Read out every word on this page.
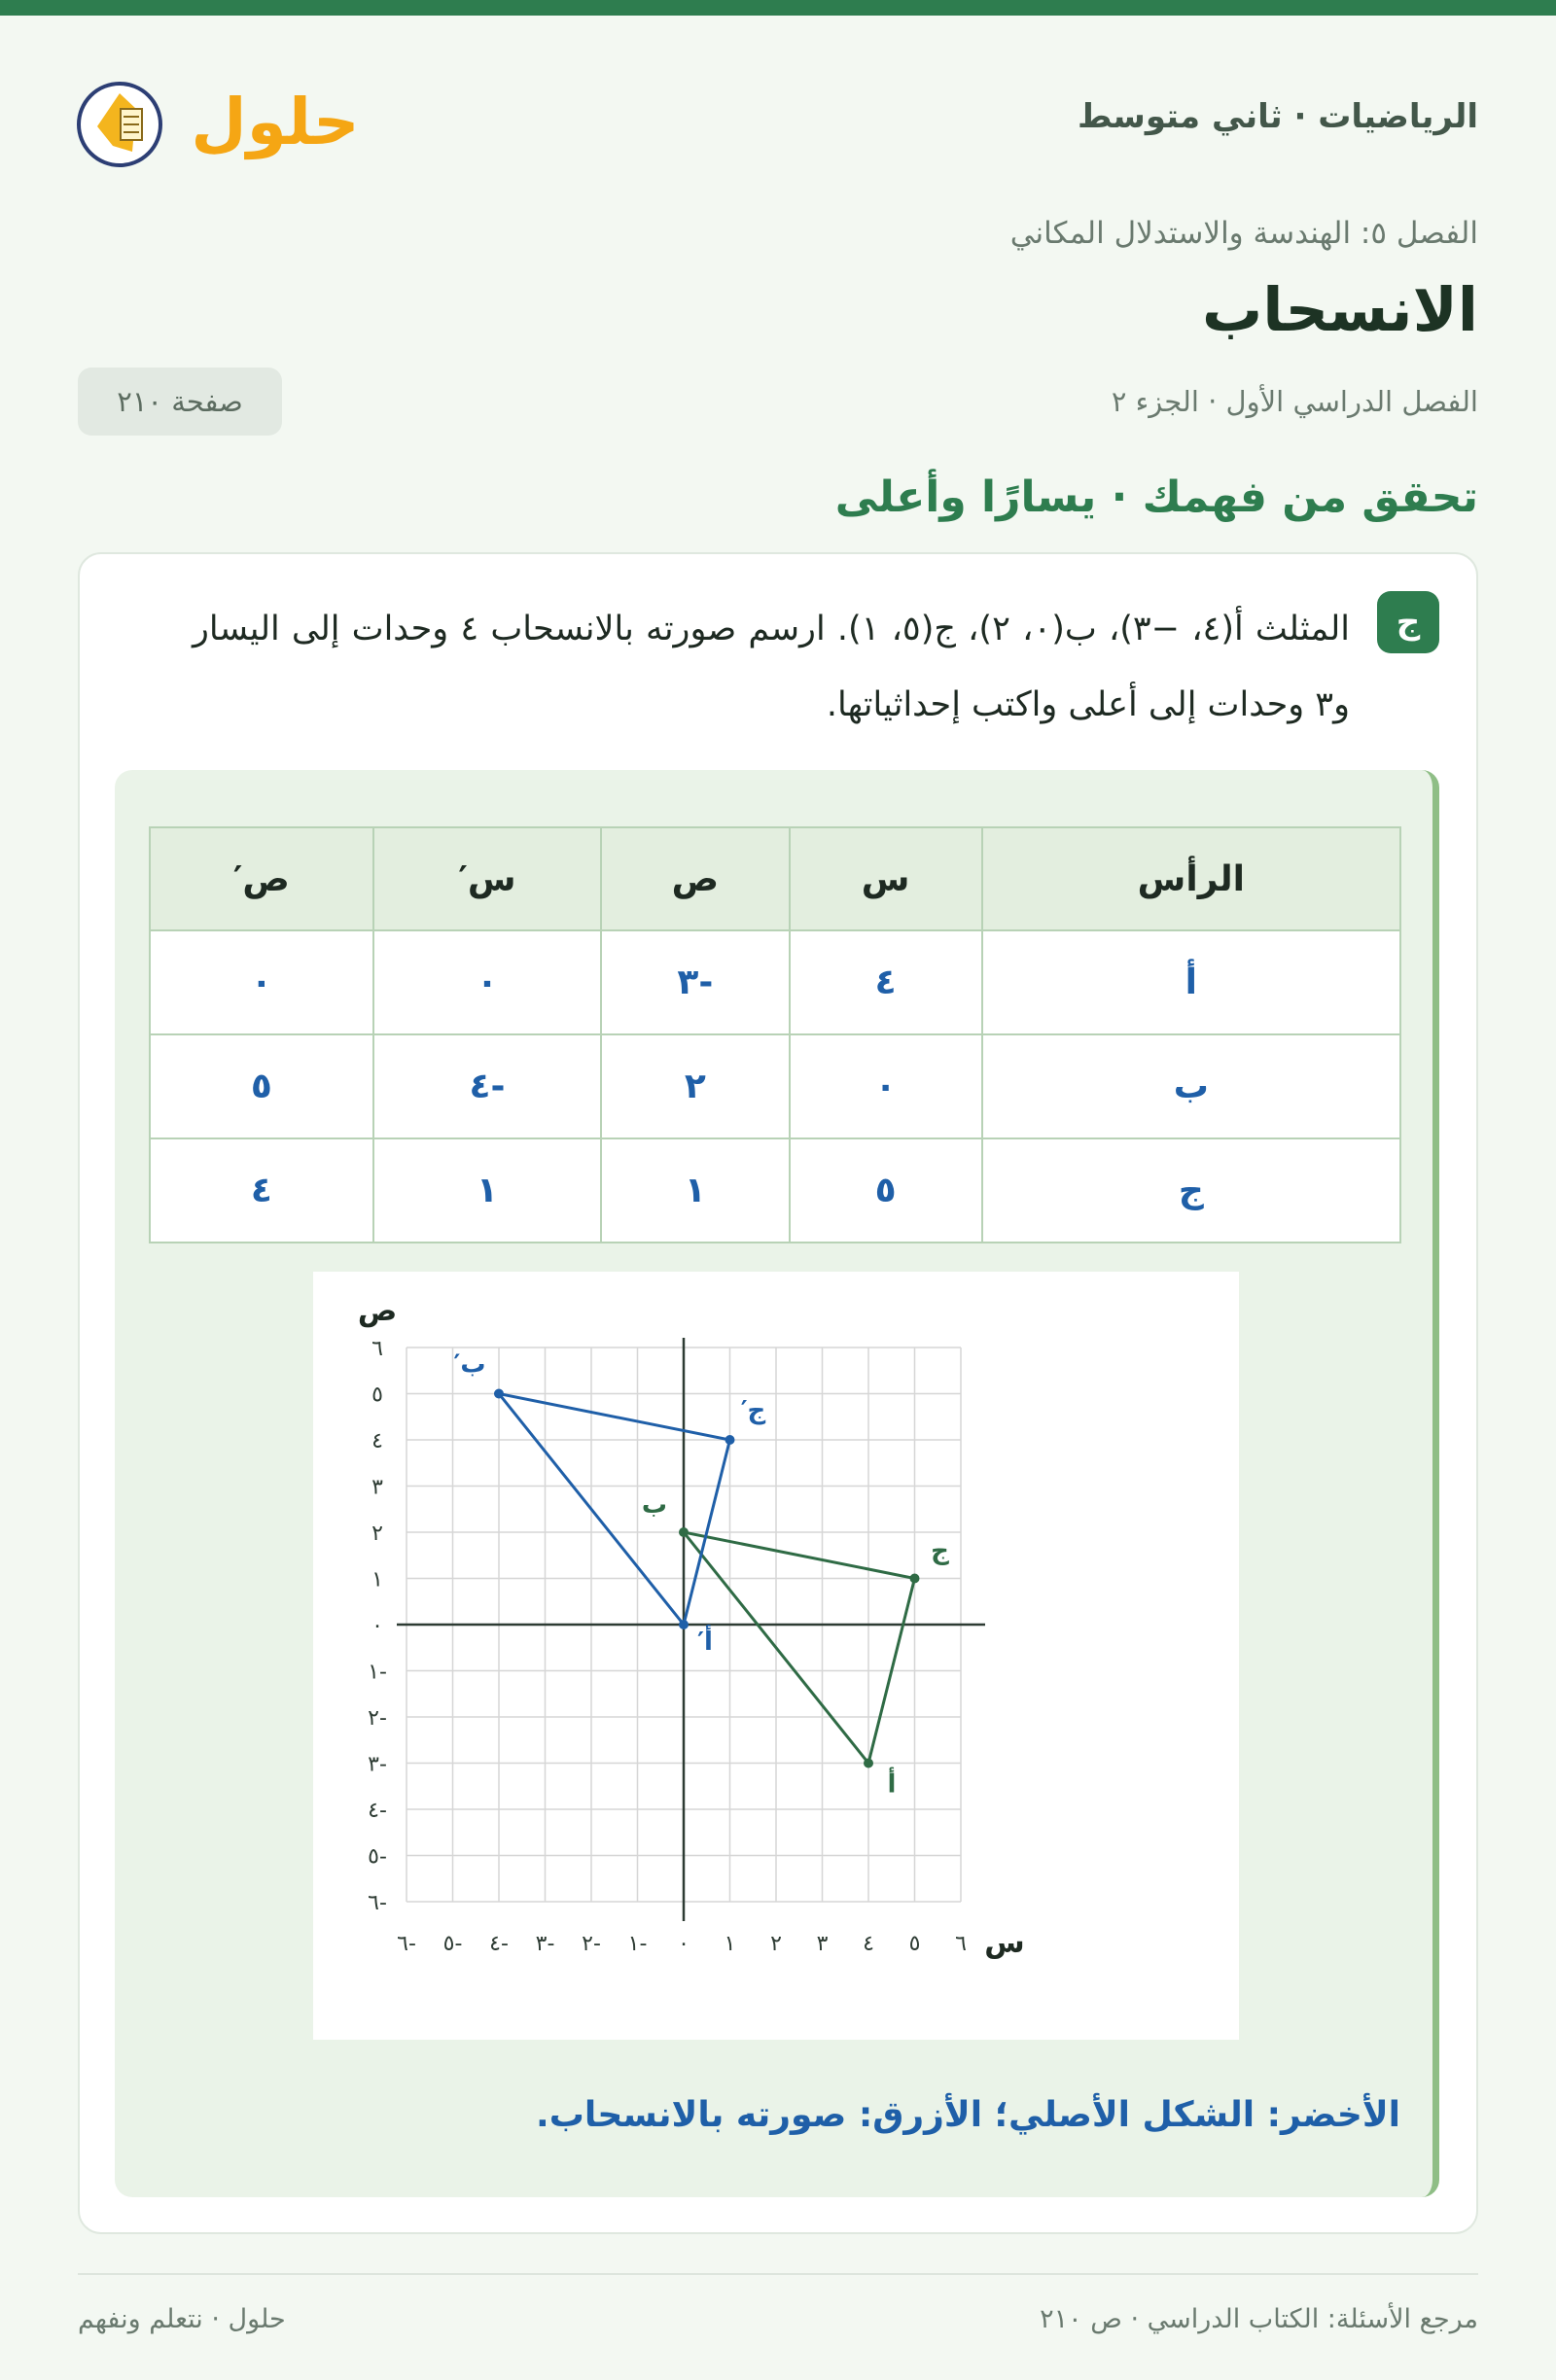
الرياضيات · ثاني متوسط
حلول
الفصل ٥: الهندسة والاستدلال المكاني
الانسحاب
الفصل الدراسي الأول · الجزء ٢
صفحة ٢١٠
تحقق من فهمك · يسارًا وأعلى
ج
المثلث أ(٤، −٣)، ب(٠، ٢)، ج(٥، ١). ارسم صورته بالانسحاب ٤ وحدات إلى اليسار و٣ وحدات إلى أعلى واكتب إحداثياتها.
الرأس	س	ص	س′	ص′
أ	٤	-٣	٠	٠
ب	٠	٢	-٤	٥
ج	٥	١	١	٤
-٦ -٥ -٤ -٣ -٢ -١ ٠ ١ ٢ ٣ ٤ ٥ ٦
-٦
-٥
-٤
-٣
-٢
-١
٠
١
٢
٣
٤
٥
٦
س
ص
أ
ب
ج
أ′
ب′
ج′
الأخضر: الشكل الأصلي؛ الأزرق: صورته بالانسحاب.
مرجع الأسئلة: الكتاب الدراسي · ص ٢١٠
حلول · نتعلم ونفهم
